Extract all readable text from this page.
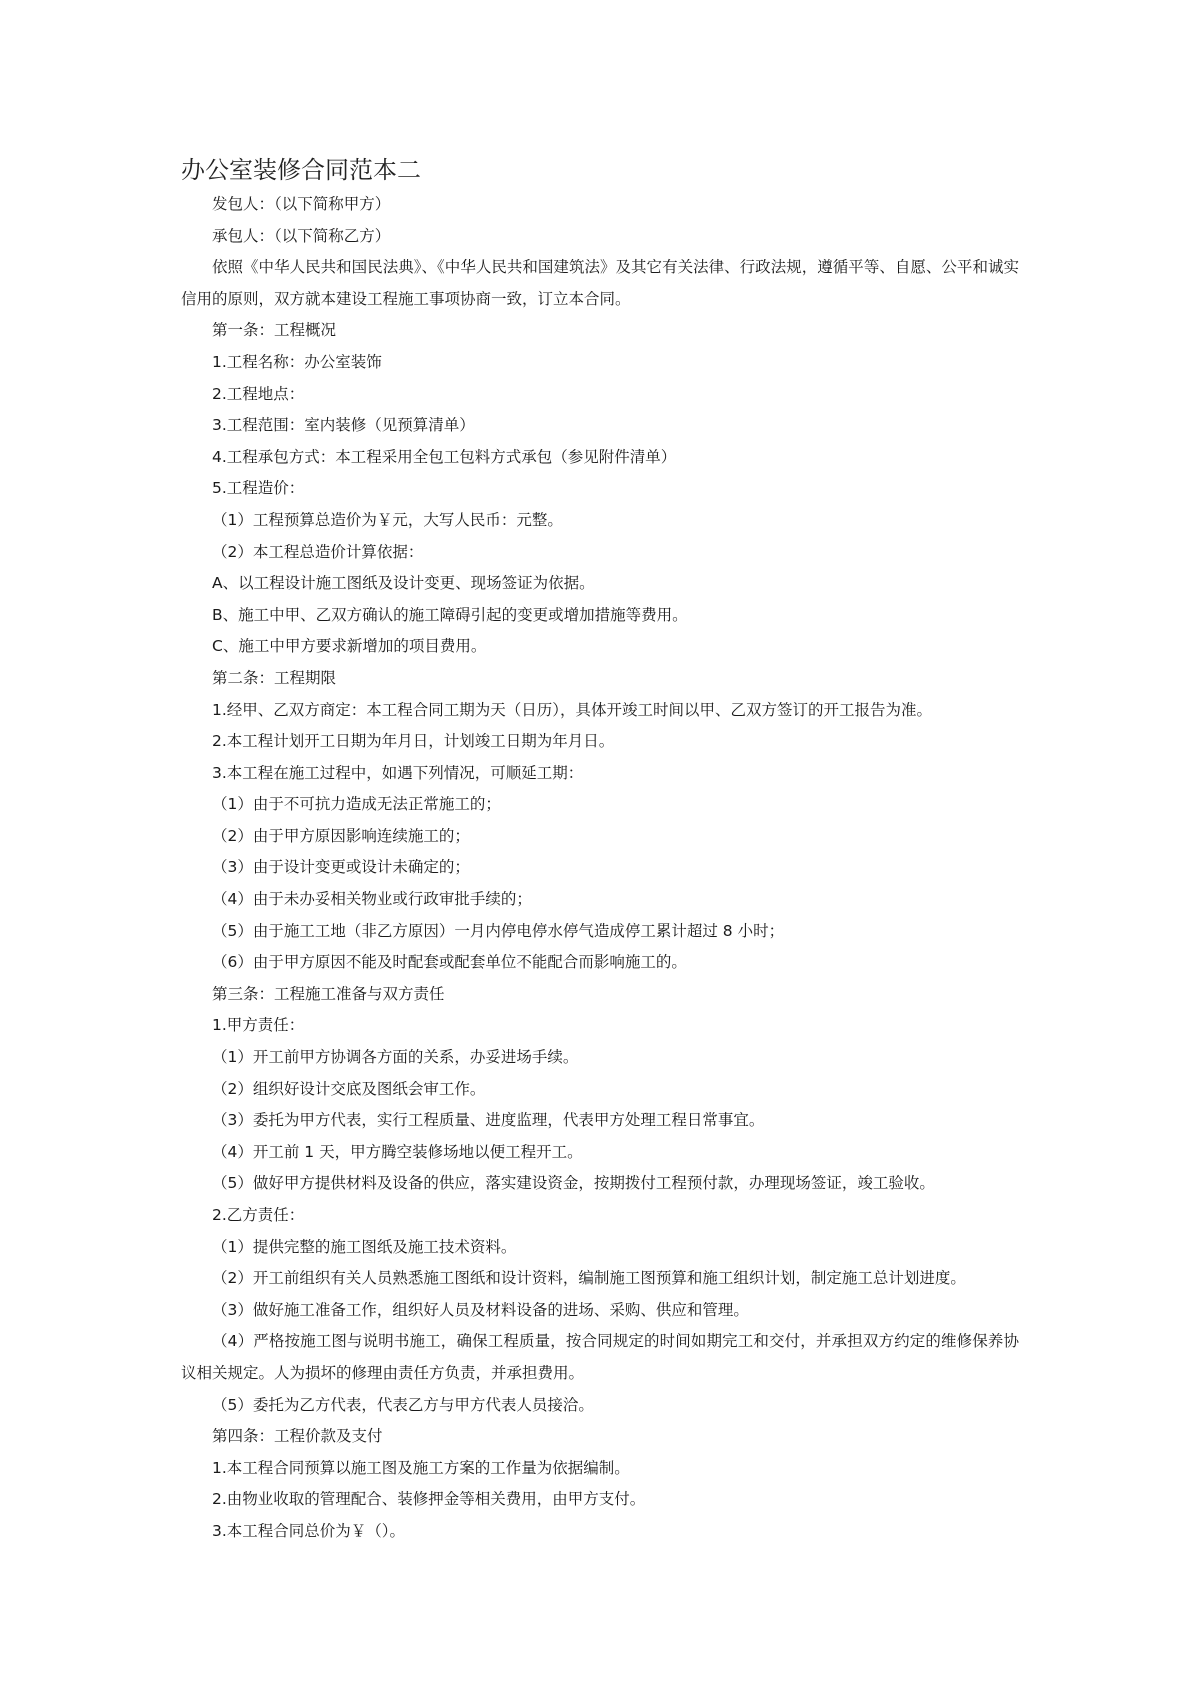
办公室装修合同范本二

发包人：（以下简称甲方）

承包人：（以下简称乙方）

依照《中华人民共和国民法典》、《中华人民共和国建筑法》及其它有关法律、行政法规，遵循平等、自愿、公平和诚实信用的原则，双方就本建设工程施工事项协商一致，订立本合同。

第一条：工程概况

1.工程名称：办公室装饰

2.工程地点：

3.工程范围：室内装修（见预算清单）

4.工程承包方式：本工程采用全包工包料方式承包（参见附件清单）

5.工程造价：

（1）工程预算总造价为￥元，大写人民币：元整。

（2）本工程总造价计算依据：

A、以工程设计施工图纸及设计变更、现场签证为依据。

B、施工中甲、乙双方确认的施工障碍引起的变更或增加措施等费用。

C、施工中甲方要求新增加的项目费用。

第二条：工程期限

1.经甲、乙双方商定：本工程合同工期为天（日历），具体开竣工时间以甲、乙双方签订的开工报告为准。

2.本工程计划开工日期为年月日，计划竣工日期为年月日。

3.本工程在施工过程中，如遇下列情况，可顺延工期：

（1）由于不可抗力造成无法正常施工的；

（2）由于甲方原因影响连续施工的；

（3）由于设计变更或设计未确定的；

（4）由于未办妥相关物业或行政审批手续的；

（5）由于施工工地（非乙方原因）一月内停电停水停气造成停工累计超过 8 小时；

（6）由于甲方原因不能及时配套或配套单位不能配合而影响施工的。

第三条：工程施工准备与双方责任

1.甲方责任：

（1）开工前甲方协调各方面的关系，办妥进场手续。

（2）组织好设计交底及图纸会审工作。

（3）委托为甲方代表，实行工程质量、进度监理，代表甲方处理工程日常事宜。

（4）开工前 1 天，甲方腾空装修场地以便工程开工。

（5）做好甲方提供材料及设备的供应，落实建设资金，按期拨付工程预付款，办理现场签证，竣工验收。

2.乙方责任：

（1）提供完整的施工图纸及施工技术资料。

（2）开工前组织有关人员熟悉施工图纸和设计资料，编制施工图预算和施工组织计划，制定施工总计划进度。

（3）做好施工准备工作，组织好人员及材料设备的进场、采购、供应和管理。

（4）严格按施工图与说明书施工，确保工程质量，按合同规定的时间如期完工和交付，并承担双方约定的维修保养协议相关规定。人为损坏的修理由责任方负责，并承担费用。

（5）委托为乙方代表，代表乙方与甲方代表人员接洽。

第四条：工程价款及支付

1.本工程合同预算以施工图及施工方案的工作量为依据编制。

2.由物业收取的管理配合、装修押金等相关费用，由甲方支付。

3.本工程合同总价为￥（）。
